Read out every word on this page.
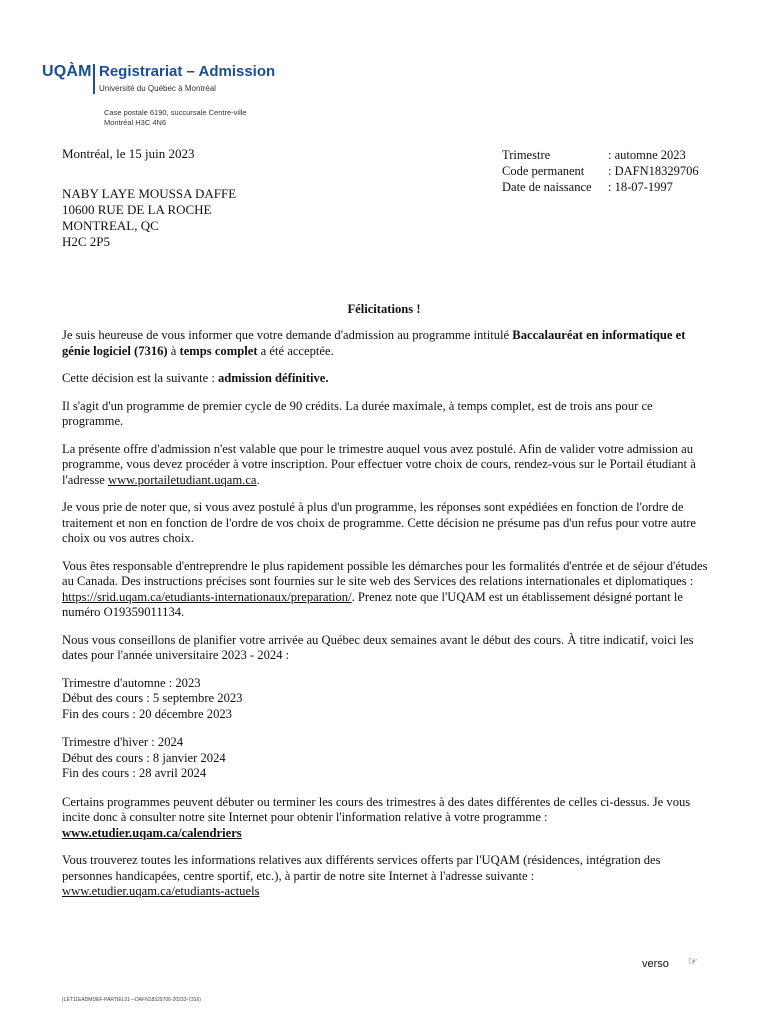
UQÀM Registrariat – Admission
Université du Québec à Montréal
Case postale 6190, succursale Centre-ville
Montréal H3C 4N6
Montréal, le 15 juin 2023	Trimestre	: automne 2023
Code permanent	: DAFN18329706
Date de naissance	: 18-07-1997
NABY LAYE MOUSSA DAFFE
10600 RUE DE LA ROCHE
MONTREAL, QC
H2C 2P5
Félicitations !

Je suis heureuse de vous informer que votre demande d'admission au programme intitulé Baccalauréat en informatique et génie logiciel (7316) à temps complet a été acceptée.

Cette décision est la suivante : admission définitive.

Il s'agit d'un programme de premier cycle de 90 crédits. La durée maximale, à temps complet, est de trois ans pour ce programme.

La présente offre d'admission n'est valable que pour le trimestre auquel vous avez postulé. Afin de valider votre admission au programme, vous devez procéder à votre inscription. Pour effectuer votre choix de cours, rendez-vous sur le Portail étudiant à l'adresse www.portailetudiant.uqam.ca.

Je vous prie de noter que, si vous avez postulé à plus d'un programme, les réponses sont expédiées en fonction de l'ordre de traitement et non en fonction de l'ordre de vos choix de programme. Cette décision ne présume pas d'un refus pour votre autre choix ou vos autres choix.

Vous êtes responsable d'entreprendre le plus rapidement possible les démarches pour les formalités d'entrée et de séjour d'études au Canada. Des instructions précises sont fournies sur le site web des Services des relations internationales et diplomatiques : https://srid.uqam.ca/etudiants-internationaux/preparation/. Prenez note que l'UQAM est un établissement désigné portant le numéro O19359011134.

Nous vous conseillons de planifier votre arrivée au Québec deux semaines avant le début des cours. À titre indicatif, voici les dates pour l'année universitaire 2023 - 2024 :

Trimestre d'automne : 2023
Début des cours : 5 septembre 2023
Fin des cours : 20 décembre 2023

Trimestre d'hiver : 2024
Début des cours : 8 janvier 2024
Fin des cours : 28 avril 2024

Certains programmes peuvent débuter ou terminer les cours des trimestres à des dates différentes de celles ci-dessus. Je vous incite donc à consulter notre site Internet pour obtenir l'information relative à votre programme :
www.etudier.uqam.ca/calendriers

Vous trouverez toutes les informations relatives aux différents services offerts par l'UQAM (résidences, intégration des personnes handicapées, centre sportif, etc.), à partir de notre site Internet à l'adresse suivante :
www.etudier.uqam.ca/etudiants-actuels

verso ☞
(LET11EADMDEF-PARTIEL01---DAFN18329706-20233-7316)
